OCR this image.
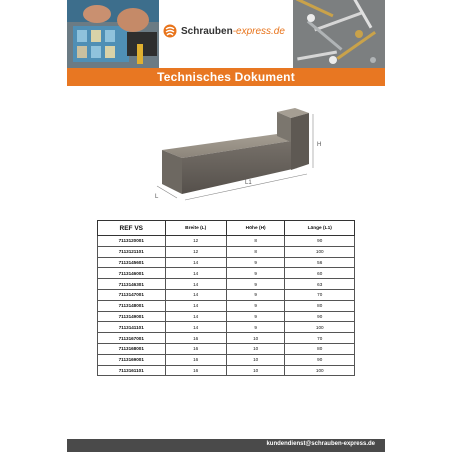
Schrauben-express.de
Technisches Dokument
H
L1
L
REF VS	Breite (L)	Höhe (H)	Länge (L1)
7113120001	12	8	90
7113121101	12	8	100
7113145601	14	9	56
7113146001	14	9	60
7113146301	14	9	63
7113147001	14	9	70
7113148001	14	9	80
7113149001	14	9	90
7113141101	14	9	100
7113167001	16	10	70
7113168001	16	10	80
7113169001	16	10	90
7113161101	16	10	100
kundendienst@schrauben-express.de
